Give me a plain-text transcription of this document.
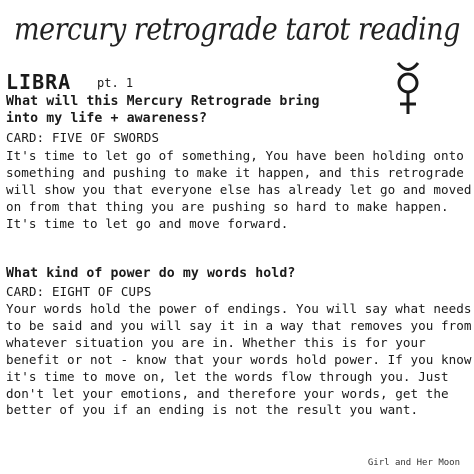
mercury retrograde tarot reading
LIBRA pt. 1
What will this Mercury Retrograde bring into my life + awareness?
CARD: FIVE OF SWORDS
It's time to let go of something, You have been holding onto something and pushing to make it happen, and this retrograde will show you that everyone else has already let go and moved on from that thing you are pushing so hard to make happen. It's time to let go and move forward.
What kind of power do my words hold?
CARD: EIGHT OF CUPS
Your words hold the power of endings. You will say what needs to be said and you will say it in a way that removes you from whatever situation you are in. Whether this is for your benefit or not - know that your words hold power. If you know it's time to move on, let the words flow through you. Just don't let your emotions, and therefore your words, get the better of you if an ending is not the result you want.
Girl and Her Moon
